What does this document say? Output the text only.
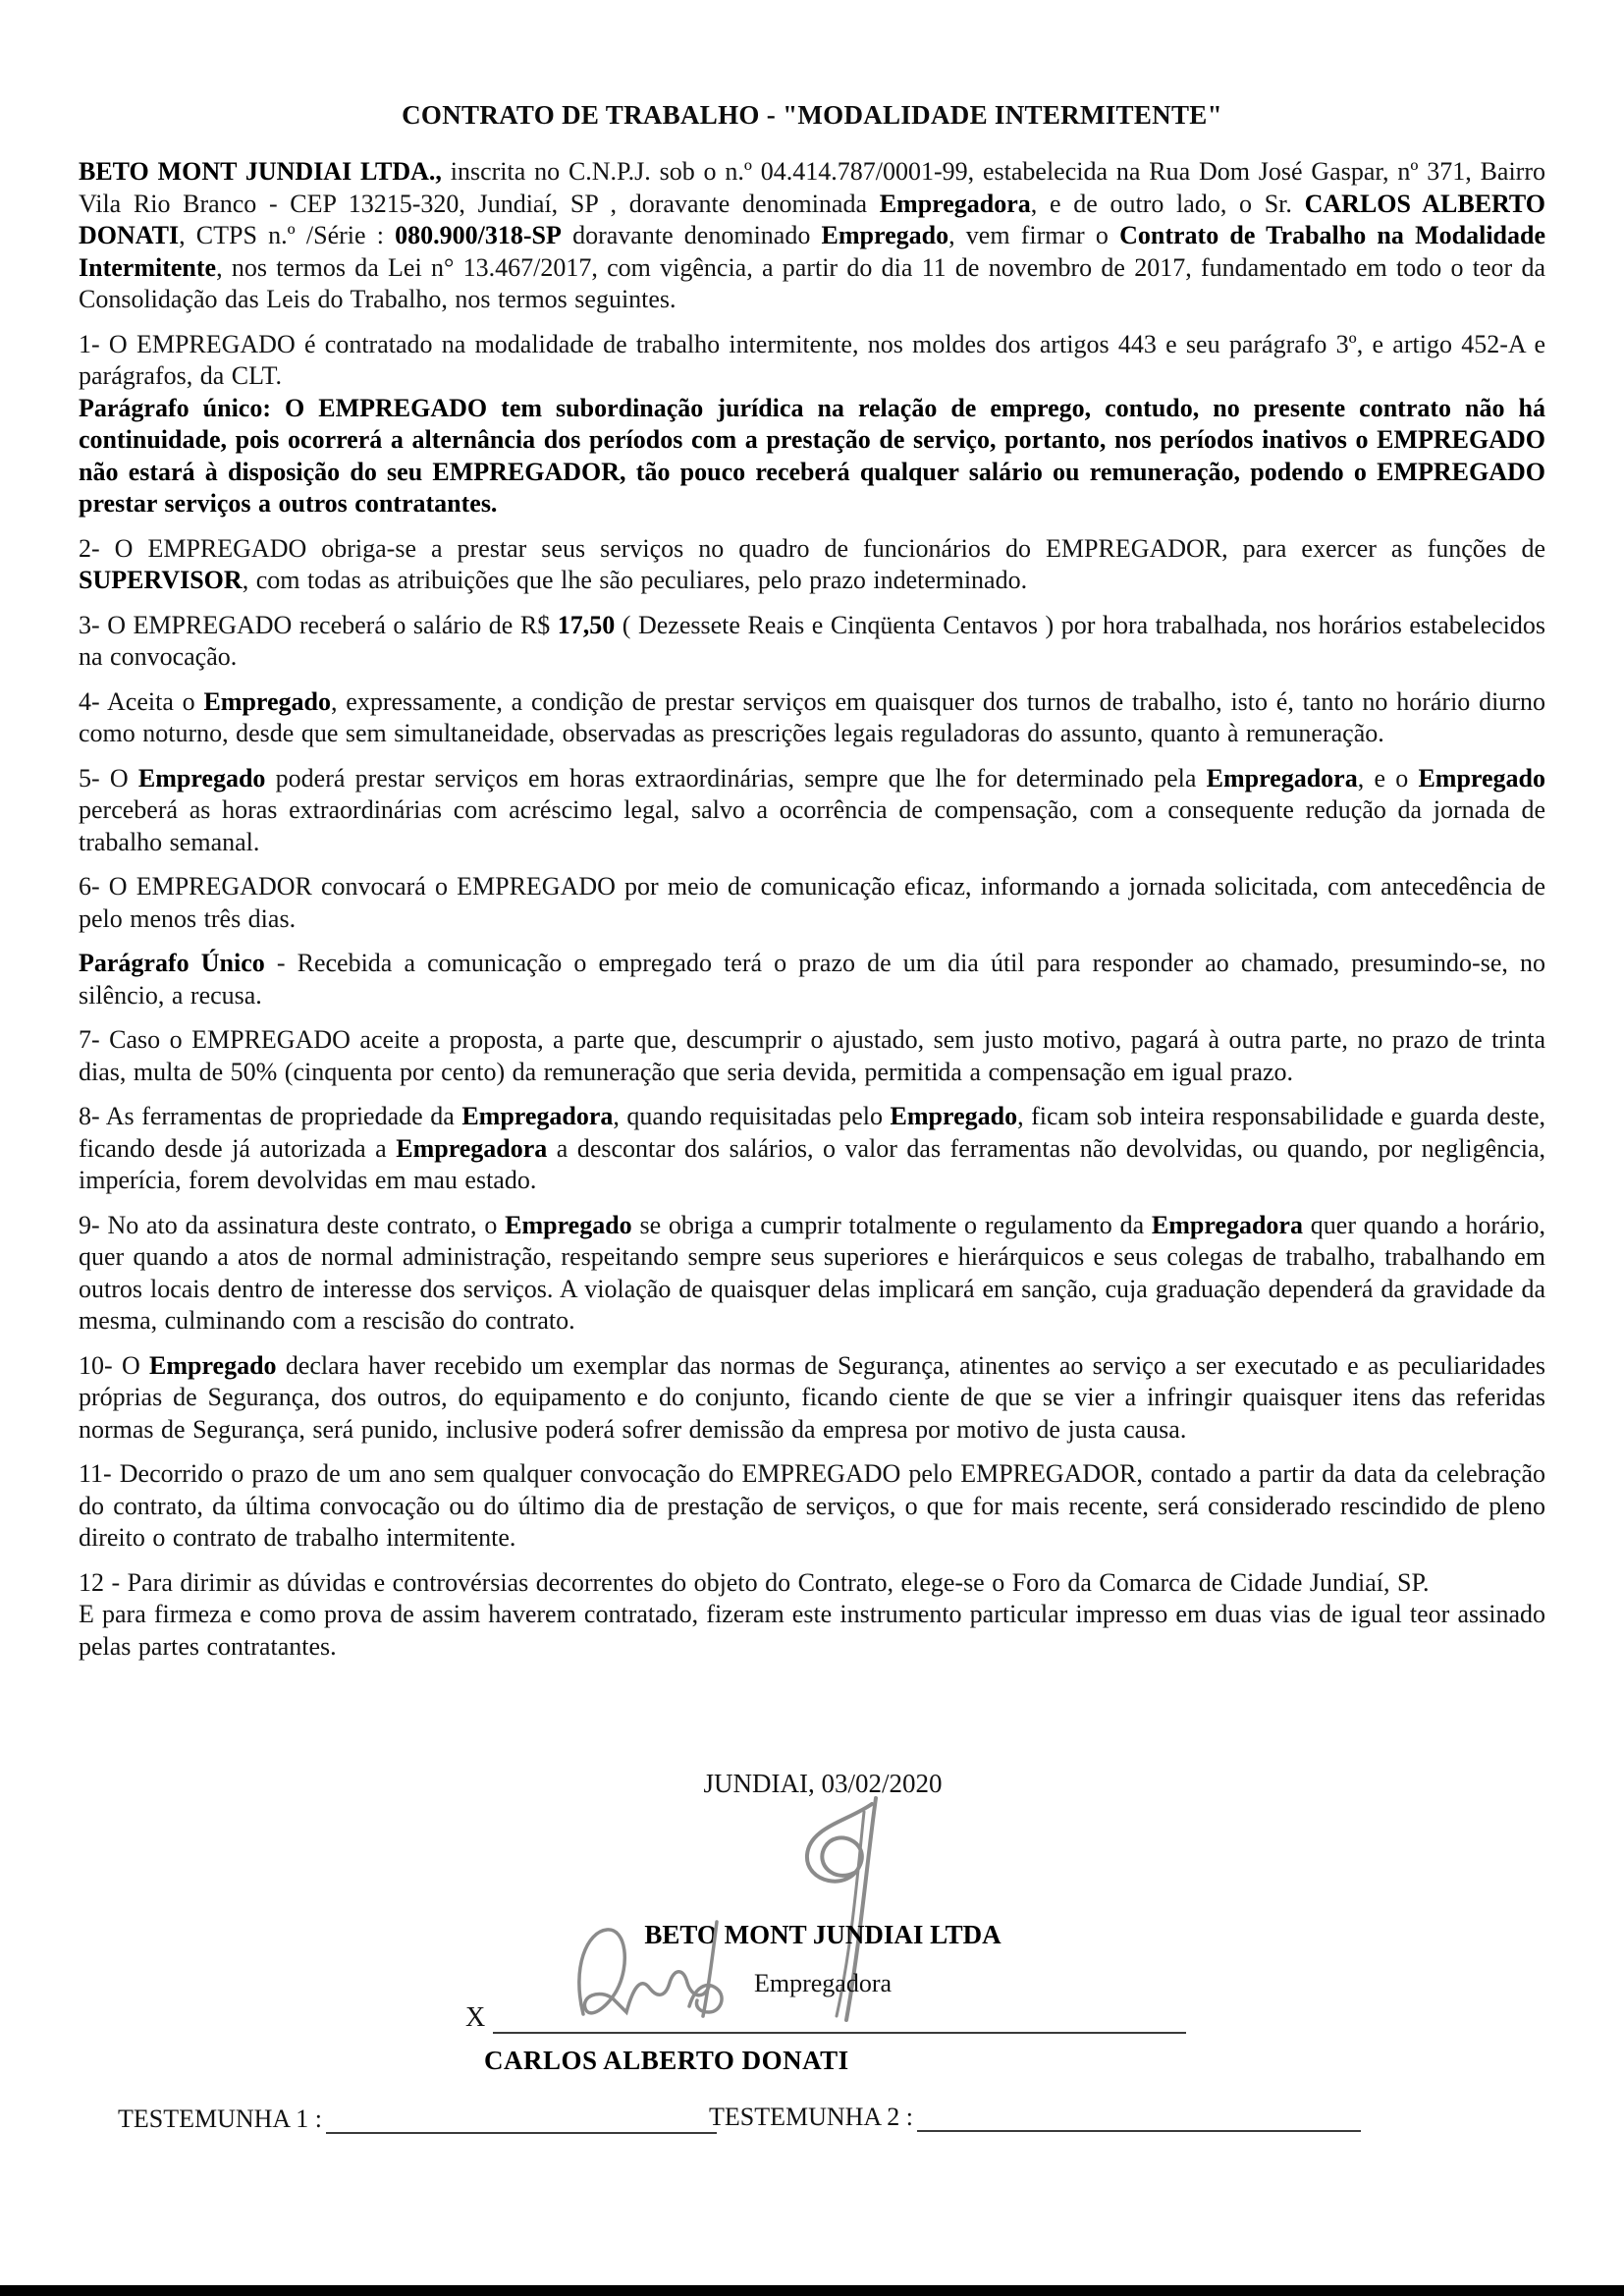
CONTRATO DE TRABALHO - "MODALIDADE INTERMITENTE"

BETO MONT JUNDIAI LTDA., inscrita no C.N.P.J. sob o n.º 04.414.787/0001-99, estabelecida na Rua Dom José Gaspar, nº 371, Bairro Vila Rio Branco - CEP 13215-320, Jundiaí, SP , doravante denominada Empregadora, e de outro lado, o Sr. CARLOS ALBERTO DONATI, CTPS n.º /Série : 080.900/318-SP doravante denominado Empregado, vem firmar o Contrato de Trabalho na Modalidade Intermitente, nos termos da Lei n° 13.467/2017, com vigência, a partir do dia 11 de novembro de 2017, fundamentado em todo o teor da Consolidação das Leis do Trabalho, nos termos seguintes.

1- O EMPREGADO é contratado na modalidade de trabalho intermitente, nos moldes dos artigos 443 e seu parágrafo 3º, e artigo 452-A e parágrafos, da CLT.

Parágrafo único: O EMPREGADO tem subordinação jurídica na relação de emprego, contudo, no presente contrato não há continuidade, pois ocorrerá a alternância dos períodos com a prestação de serviço, portanto, nos períodos inativos o EMPREGADO não estará à disposição do seu EMPREGADOR, tão pouco receberá qualquer salário ou remuneração, podendo o EMPREGADO prestar serviços a outros contratantes.

2- O EMPREGADO obriga-se a prestar seus serviços no quadro de funcionários do EMPREGADOR, para exercer as funções de SUPERVISOR, com todas as atribuições que lhe são peculiares, pelo prazo indeterminado.

3- O EMPREGADO receberá o salário de R$ 17,50 ( Dezessete Reais e Cinqüenta Centavos ) por hora trabalhada, nos horários estabelecidos na convocação.

4- Aceita o Empregado, expressamente, a condição de prestar serviços em quaisquer dos turnos de trabalho, isto é, tanto no horário diurno como noturno, desde que sem simultaneidade, observadas as prescrições legais reguladoras do assunto, quanto à remuneração.

5- O Empregado poderá prestar serviços em horas extraordinárias, sempre que lhe for determinado pela Empregadora, e o Empregado perceberá as horas extraordinárias com acréscimo legal, salvo a ocorrência de compensação, com a consequente redução da jornada de trabalho semanal.

6- O EMPREGADOR convocará o EMPREGADO por meio de comunicação eficaz, informando a jornada solicitada, com antecedência de pelo menos três dias.

Parágrafo Único - Recebida a comunicação o empregado terá o prazo de um dia útil para responder ao chamado, presumindo-se, no silêncio, a recusa.

7- Caso o EMPREGADO aceite a proposta, a parte que, descumprir o ajustado, sem justo motivo, pagará à outra parte, no prazo de trinta dias, multa de 50% (cinquenta por cento) da remuneração que seria devida, permitida a compensação em igual prazo.

8- As ferramentas de propriedade da Empregadora, quando requisitadas pelo Empregado, ficam sob inteira responsabilidade e guarda deste, ficando desde já autorizada a Empregadora a descontar dos salários, o valor das ferramentas não devolvidas, ou quando, por negligência, imperícia, forem devolvidas em mau estado.

9- No ato da assinatura deste contrato, o Empregado se obriga a cumprir totalmente o regulamento da Empregadora quer quando a horário, quer quando a atos de normal administração, respeitando sempre seus superiores e hierárquicos e seus colegas de trabalho, trabalhando em outros locais dentro de interesse dos serviços. A violação de quaisquer delas implicará em sanção, cuja graduação dependerá da gravidade da mesma, culminando com a rescisão do contrato.

10- O Empregado declara haver recebido um exemplar das normas de Segurança, atinentes ao serviço a ser executado e as peculiaridades próprias de Segurança, dos outros, do equipamento e do conjunto, ficando ciente de que se vier a infringir quaisquer itens das referidas normas de Segurança, será punido, inclusive poderá sofrer demissão da empresa por motivo de justa causa.

11- Decorrido o prazo de um ano sem qualquer convocação do EMPREGADO pelo EMPREGADOR, contado a partir da data da celebração do contrato, da última convocação ou do último dia de prestação de serviços, o que for mais recente, será considerado rescindido de pleno direito o contrato de trabalho intermitente.

12 - Para dirimir as dúvidas e controvérsias decorrentes do objeto do Contrato, elege-se o Foro da Comarca de Cidade Jundiaí, SP.

E para firmeza e como prova de assim haverem contratado, fizeram este instrumento particular impresso em duas vias de igual teor assinado pelas partes contratantes.

JUNDIAI, 03/02/2020
BETO MONT JUNDIAI LTDA
Empregadora
X
CARLOS ALBERTO DONATI
TESTEMUNHA 1 :	TESTEMUNHA 2 :
